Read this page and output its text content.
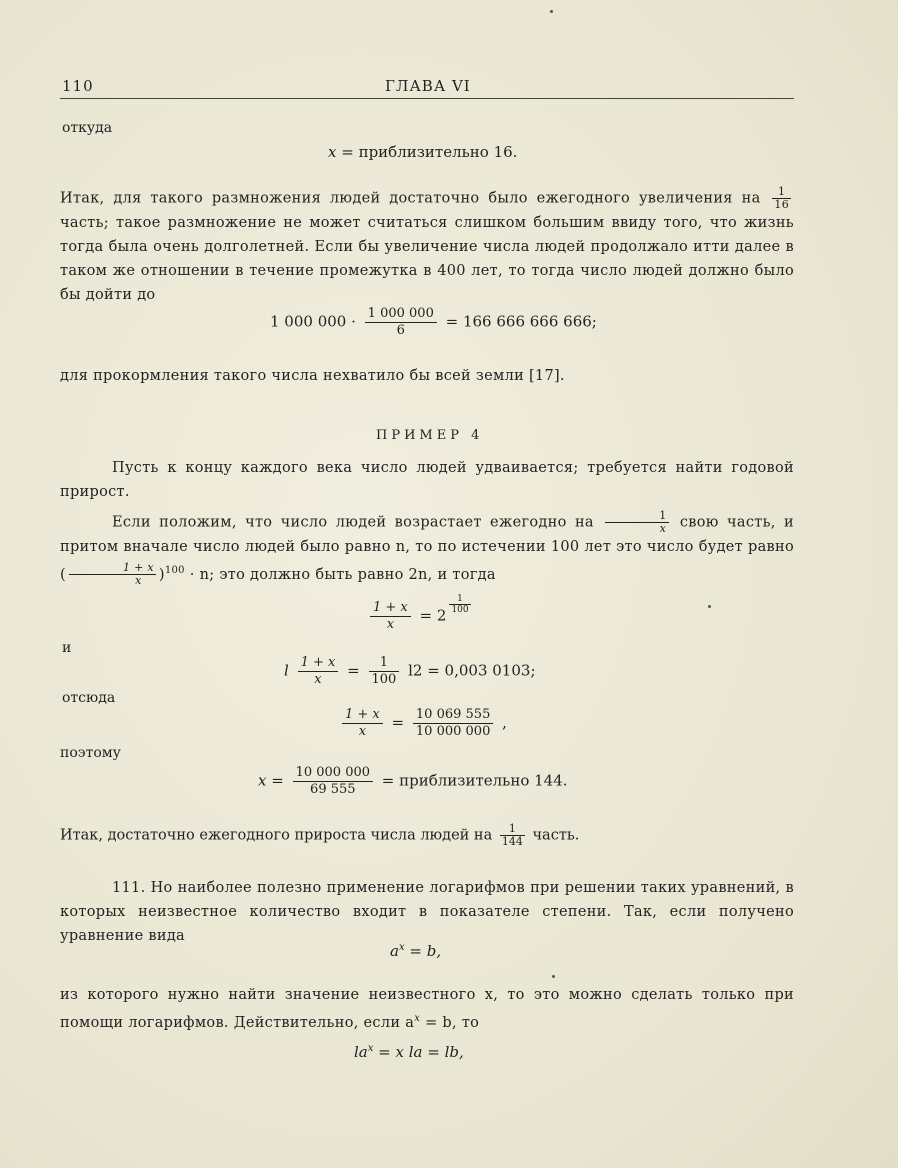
110	ГЛАВА VI
откуда
x = приблизительно 16.
Итак, для такого размножения людей достаточно было ежегодного увеличения на $\frac{1}{16}$
часть; такое размножение не может считаться слишком большим ввиду того, что жизнь тогда была очень долголетней. Если бы увеличение числа людей продолжало итти далее в таком же отношении в течение промежутка в 400 лет, то тогда число людей должно было бы дойти до
1 000 $000 \cdot \frac{1 000 000}{6} = 166$ 666 666 666;
для прокормления такого числа нехватило бы всей земли [17].
ПРИМЕР 4
Пусть к концу каждого века число людей удваивается; требуется найти годовой прирост.
Если положим, что число людей возрастает ежегодно на $\frac{1}{x}$ свою часть, и притом вначале число людей было равно n, то по истечении 100 лет это число будет равно ( $\frac{1 + x}{x} )^{100} \cdot n$; это должно быть равно 2n, и тогда
$\frac{1 + x}{x} = 2$
$\frac{1}{100}$
и
l $\frac{1 + x}{x} = \frac{1}{100} l2 = 0,003$ 0103;
отсюда
$\frac{1 + x}{x} = \frac{10 069 555}{10 000 000}$ ,
поэтому
$x = \frac{10 000 000}{69 555}$ = приблизительно 144.
Итак, достаточно ежегодного прироста числа людей на $\frac{1}{144}$ часть.
111. Но наиболее полезно применение логарифмов при решении таких уравнений, в которых неизвестное количество входит в показателе степени. Так, если получено уравнение вида
$a^x = b$,
из которого нужно найти значение неизвестного x, то это можно сделать только при помощи логарифмов. Действительно, если $a^x = b$, то
$la^x = x$ la = lb,
